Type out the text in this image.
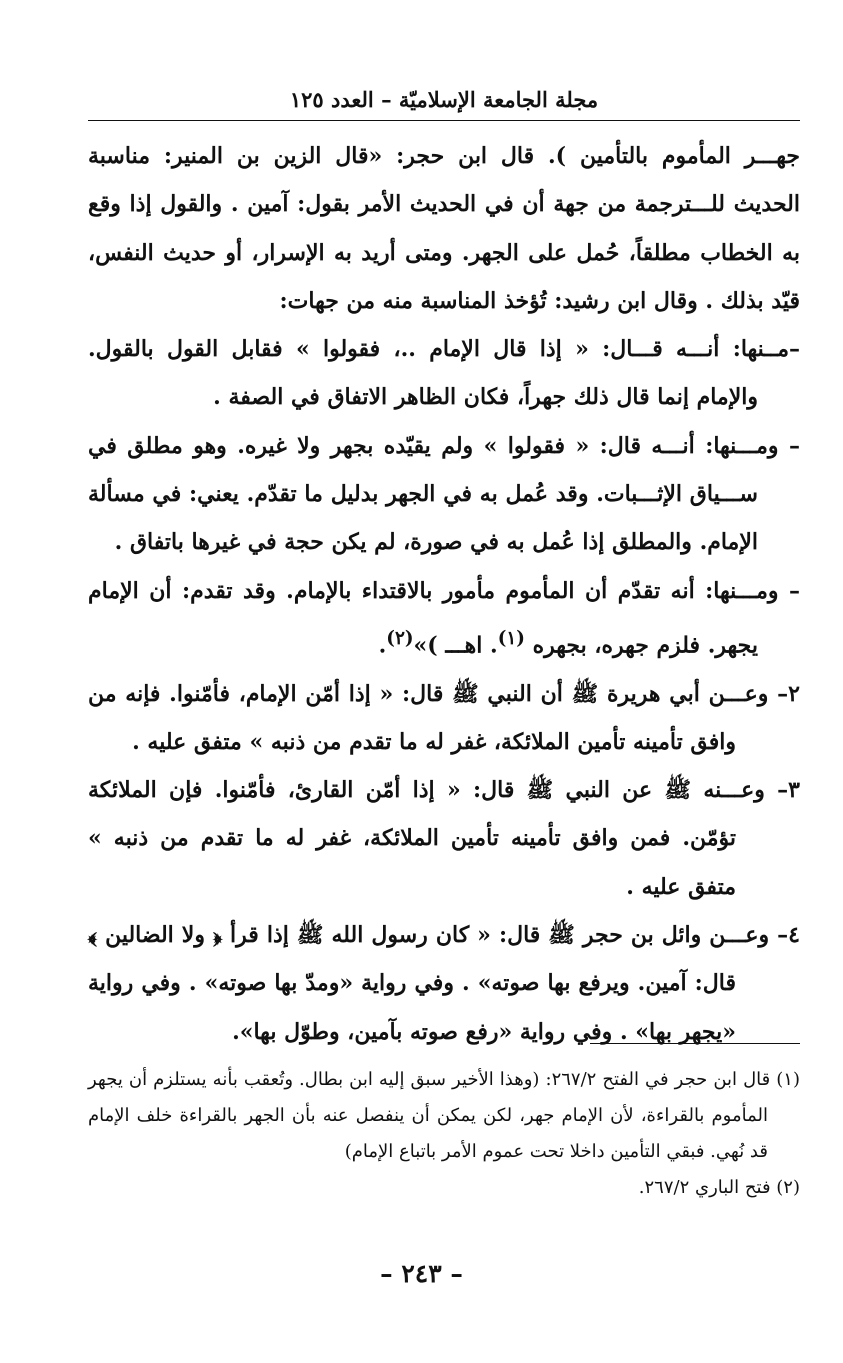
مجلة الجامعة الإسلاميّة – العدد ١٢٥

جهـــر المأموم بالتأمين ). قال ابن حجر: «قال الزين بن المنير: مناسبة الحديث للـــترجمة من جهة أن في الحديث الأمر بقول: آمين . والقول إذا وقع به الخطاب مطلقاً، حُمل على الجهر. ومتى أريد به الإسرار، أو حديث النفس، قيّد بذلك . وقال ابن رشيد: تُؤخذ المناسبة منه من جهات:

–مــنها: أنـــه قـــال: « إذا قال الإمام ..، فقولوا » فقابل القول بالقول. والإمام إنما قال ذلك جهراً، فكان الظاهر الاتفاق في الصفة .

– ومـــنها: أنـــه قال: « فقولوا » ولم يقيّده بجهر ولا غيره. وهو مطلق في ســـياق الإثـــبات. وقد عُمل به في الجهر بدليل ما تقدّم. يعني: في مسألة الإمام. والمطلق إذا عُمل به في صورة، لم يكن حجة في غيرها باتفاق .

– ومـــنها: أنه تقدّم أن المأموم مأمور بالاقتداء بالإمام. وقد تقدم: أن الإمام يجهر. فلزم جهره، بجهره $^{(١)}$. اهـــ )»$^{(٢)}$.

٢– وعـــن أبي هريرة ﷺ أن النبي ﷺ قال: « إذا أمّن الإمام، فأمّنوا. فإنه من وافق تأمينه تأمين الملائكة، غفر له ما تقدم من ذنبه » متفق عليه .

٣– وعـــنه ﷺ عن النبي ﷺ قال: « إذا أمّن القارئ، فأمّنوا. فإن الملائكة تؤمّن. فمن وافق تأمينه تأمين الملائكة، غفر له ما تقدم من ذنبه » متفق عليه .

٤– وعـــن وائل بن حجر ﷺ قال: « كان رسول الله ﷺ إذا قرأ ﴿ ولا الضالين ﴾ قال: آمين. ويرفع بها صوته» . وفي رواية «ومدّ بها صوته» . وفي رواية «يجهر بها» . وفي رواية «رفع صوته بآمين، وطوّل بها».

(١) قال ابن حجر في الفتح ٢٦٧/٢: (وهذا الأخير سبق إليه ابن بطال. وتُعقب بأنه يستلزم أن يجهر المأموم بالقراءة، لأن الإمام جهر، لكن يمكن أن ينفصل عنه بأن الجهر بالقراءة خلف الإمام قد نُهي. فبقي التأمين داخلا تحت عموم الأمر باتباع الإمام)

(٢) فتح الباري ٢٦٧/٢.

– ٢٤٣ –
